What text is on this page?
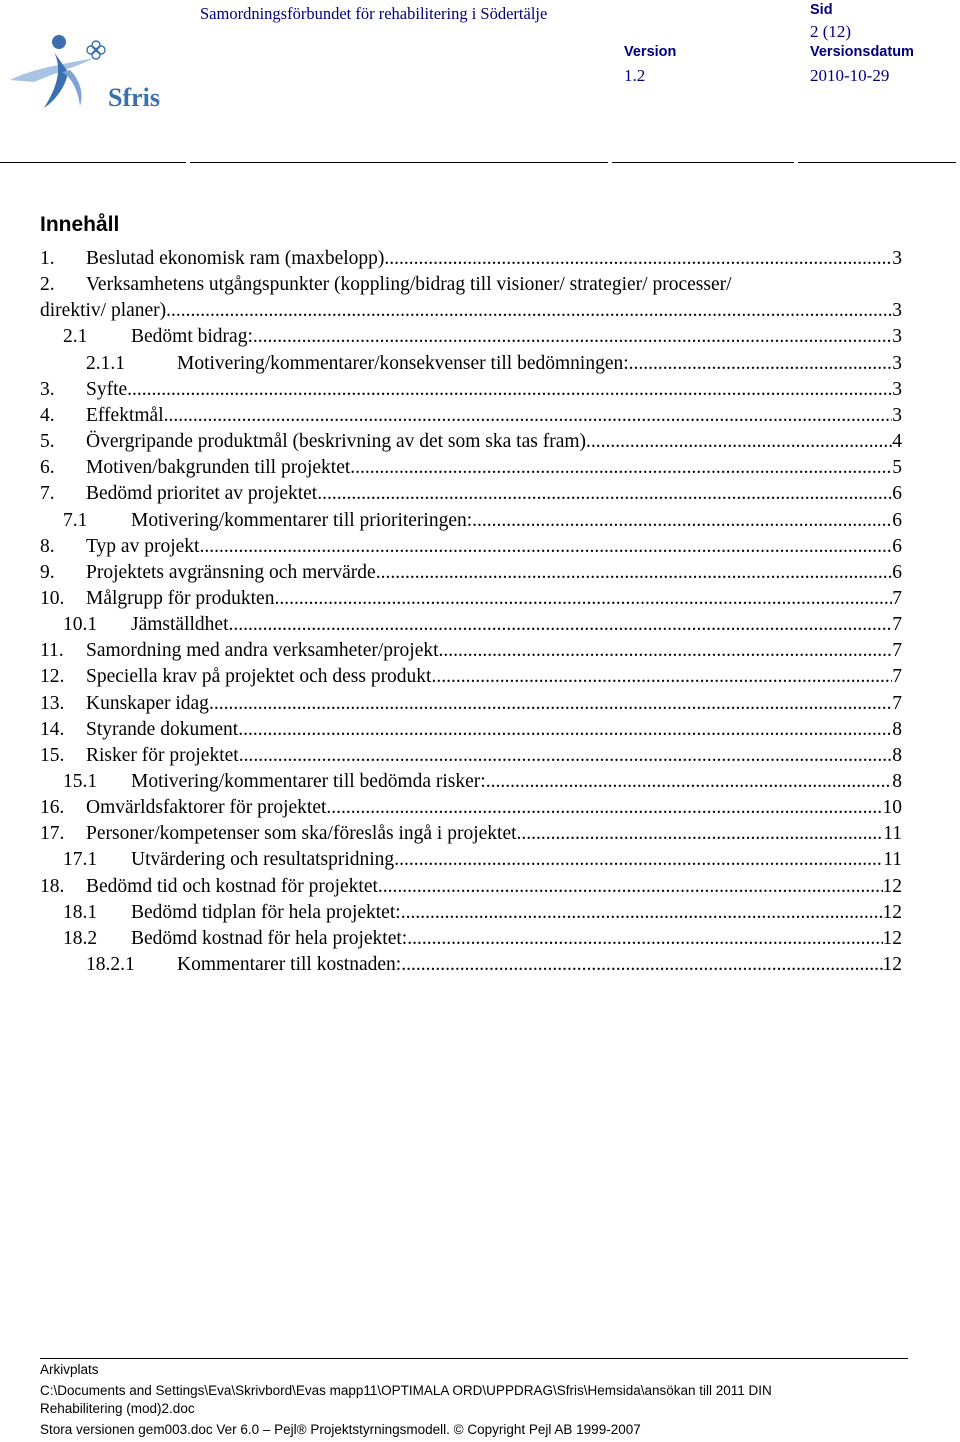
Sfris
Samordningsförbundet för rehabilitering i Södertälje	Sid
2 (12)
Version
1.2
Versionsdatum
2010-10-29
Innehåll
1. Beslutad ekonomisk ram (maxbelopp) .....	3
2. Verksamhetens utgångspunkter (koppling/bidrag till visioner/ strategier/ processer/
direktiv/ planer) .....	3
2.1 Bedömt bidrag: .....	3
2.1.1	Motivering/kommentarer/konsekvenser till bedömningen: .....	3
3. Syfte .....	3
4. Effektmål .....	3
5. Övergripande produktmål (beskrivning av det som ska tas fram) .....	4
6. Motiven/bakgrunden till projektet .....	5
7. Bedömd prioritet av projektet .....	6
7.1 Motivering/kommentarer till prioriteringen: .....	6
8. Typ av projekt .....	6
9. Projektets avgränsning och mervärde .....	6
10. Målgrupp för produkten .....	7
10.1 Jämställdhet .....	7
11. Samordning med andra verksamheter/projekt .....	7
12. Speciella krav på projektet och dess produkt .....	7
13. Kunskaper idag .....	7
14. Styrande dokument .....	8
15. Risker för projektet .....	8
15.1 Motivering/kommentarer till bedömda risker: .....	8
16. Omvärldsfaktorer för projektet .....	10
17. Personer/kompetenser som ska/föreslås ingå i projektet .....	11
17.1 Utvärdering och resultatspridning .....	11
18. Bedömd tid och kostnad för projektet .....	12
18.1 Bedömd tidplan för hela projektet: .....	12
18.2 Bedömd kostnad för hela projektet: .....	12
18.2.1 Kommentarer till kostnaden: .....	12
Arkivplats
C:\Documents and Settings\Eva\Skrivbord\Evas mapp11\OPTIMALA ORD\UPPDRAG\Sfris\Hemsida\ansökan till 2011 DIN
Rehabilitering (mod)2.doc
Stora versionen gem003.doc Ver 6.0 – Pejl® Projektstyrningsmodell. © Copyright Pejl AB 1999-2007
